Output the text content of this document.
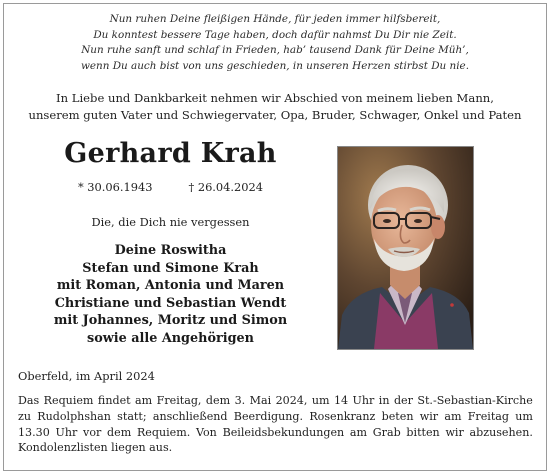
Nun ruhen Deine fleißigen Hände, für jeden immer hilfsbereit,
Du konntest bessere Tage haben, doch dafür nahmst Du Dir nie Zeit.
Nun ruhe sanft und schlaf in Frieden, hab’ tausend Dank für Deine Müh’,
wenn Du auch bist von uns geschieden, in unseren Herzen stirbst Du nie.
In Liebe und Dankbarkeit nehmen wir Abschied von meinem lieben Mann,
unserem guten Vater und Schwiegervater, Opa, Bruder, Schwager, Onkel und Paten
Gerhard Krah
* 30.06.1943	† 26.04.2024
Die, die Dich nie vergessen
Deine Roswitha
Stefan und Simone Krah
mit Roman, Antonia und Maren
Christiane und Sebastian Wendt
mit Johannes, Moritz und Simon
sowie alle Angehörigen
Oberfeld, im April 2024
Das Requiem findet am Freitag, dem 3. Mai 2024, um 14 Uhr in der St.-Sebastian-Kirche
zu Rudolphshan statt; anschließend Beerdigung. Rosenkranz beten wir am Freitag um
13.30 Uhr vor dem Requiem. Von Beileidsbekundungen am Grab bitten wir abzusehen.
Kondolenzlisten liegen aus.
